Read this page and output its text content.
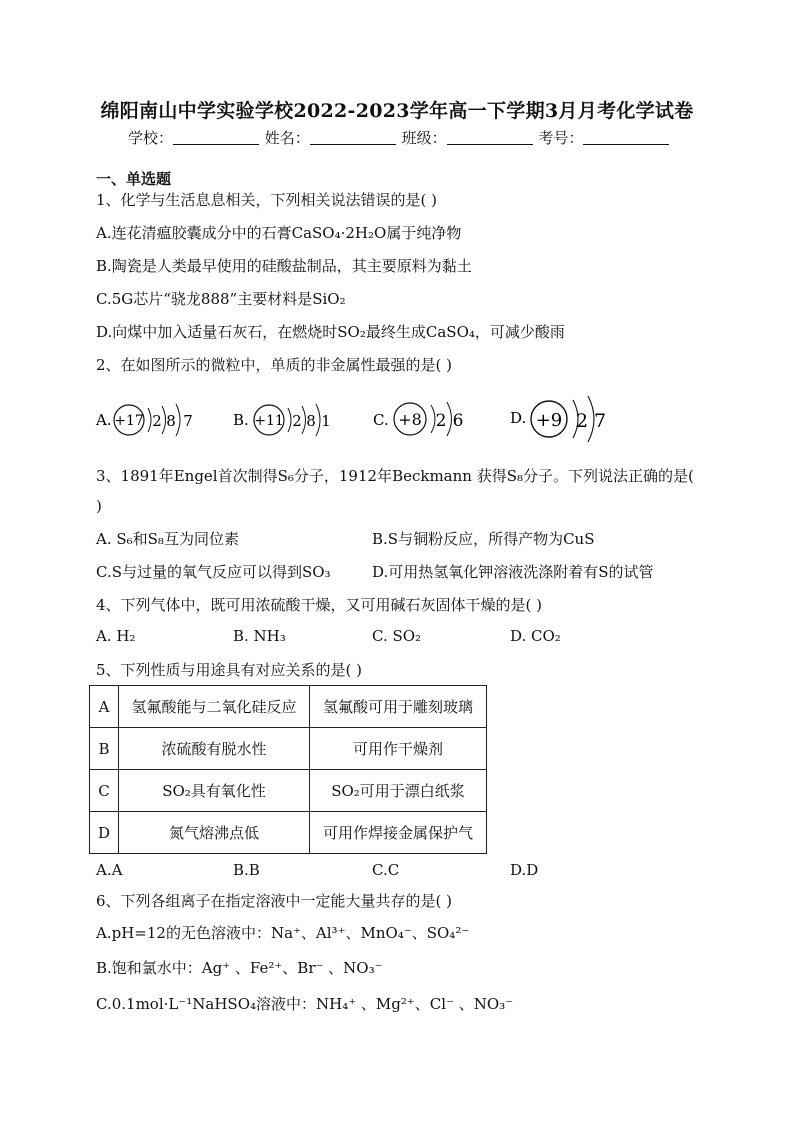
绵阳南山中学实验学校2022-2023学年高一下学期3月月考化学试卷
学校：	姓名：	班级：	考号：
一、单选题
1、化学与生活息息相关，下列相关说法错误的是( )
A.连花清瘟胶囊成分中的石膏CaSO₄·2H₂O属于纯净物
B.陶瓷是人类最早使用的硅酸盐制品，其主要原料为黏土
C.5G芯片“骁龙888”主要材料是SiO₂
D.向煤中加入适量石灰石，在燃烧时SO₂最终生成CaSO₄，可减少酸雨
2、在如图所示的微粒中，单质的非金属性最强的是( )
A. +17 2 8 7	B. +11 2 8 1	C. +8 2 6	D. +9 2 7
3、1891年Engel首次制得S₆分子，1912年Beckmann 获得S₈分子。下列说法正确的是(
)
A. S₆和S₈互为同位素	B.S与铜粉反应，所得产物为CuS
C.S与过量的氧气反应可以得到SO₃	D.可用热氢氧化钾溶液洗涤附着有S的试管
4、下列气体中，既可用浓硫酸干燥，又可用碱石灰固体干燥的是( )
A. H₂	B. NH₃	C. SO₂	D. CO₂
5、下列性质与用途具有对应关系的是( )
A	氢氟酸能与二氧化硅反应	氢氟酸可用于雕刻玻璃
B	浓硫酸有脱水性	可用作干燥剂
C	SO₂具有氧化性	SO₂可用于漂白纸浆
D	氮气熔沸点低	可用作焊接金属保护气
A.A	B.B	C.C	D.D
6、下列各组离子在指定溶液中一定能大量共存的是( )
A.pH=12的无色溶液中：Na⁺、Al³⁺、MnO₄⁻、SO₄²⁻
B.饱和氯水中：Ag⁺ 、Fe²⁺、Br⁻ 、NO₃⁻
C.0.1mol·L⁻¹NaHSO₄溶液中：NH₄⁺ 、Mg²⁺、Cl⁻ 、NO₃⁻
